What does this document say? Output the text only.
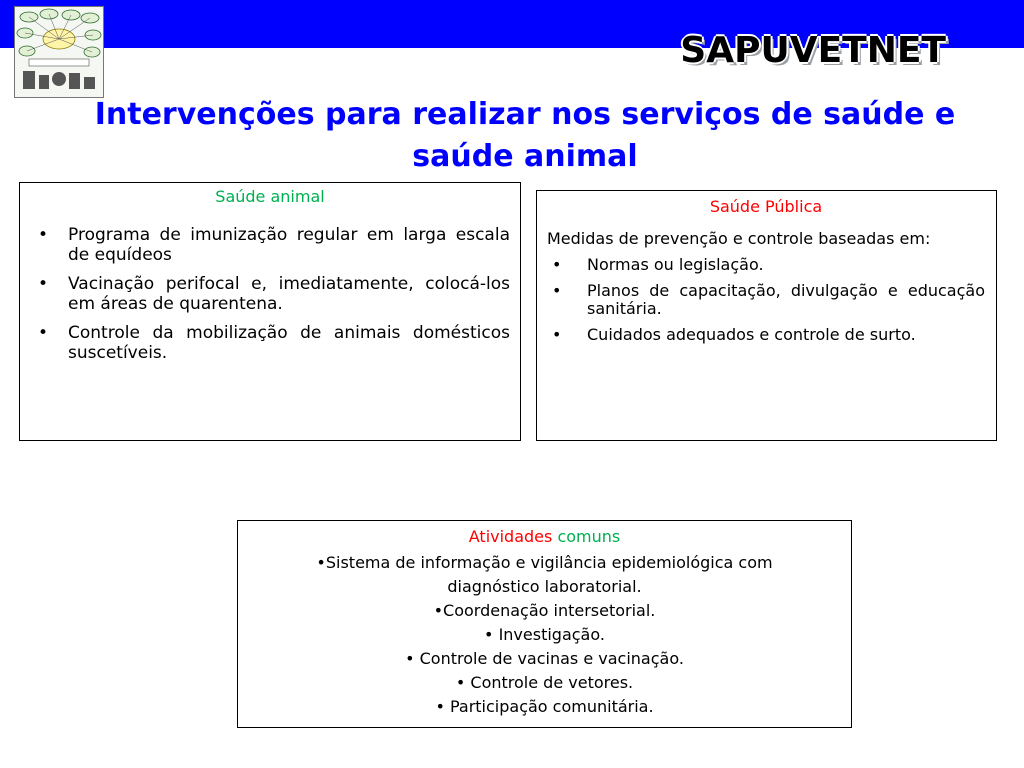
SAPUVETNET
Intervenções para realizar nos serviços de saúde e saúde animal
Saúde animal
• Programa de imunização regular em larga escala de equídeos
• Vacinação perifocal e, imediatamente, colocá-los em áreas de quarentena.
• Controle da mobilização de animais domésticos suscetíveis.
Saúde Pública
Medidas de prevenção e controle baseadas em:
• Normas ou legislação.
• Planos de capacitação, divulgação e educação sanitária.
• Cuidados adequados e controle de surto.
Atividades comuns
•Sistema de informação e vigilância epidemiológica com
diagnóstico laboratorial.
•Coordenação intersetorial.
• Investigação.
• Controle de vacinas e vacinação.
• Controle de vetores.
• Participação comunitária.
